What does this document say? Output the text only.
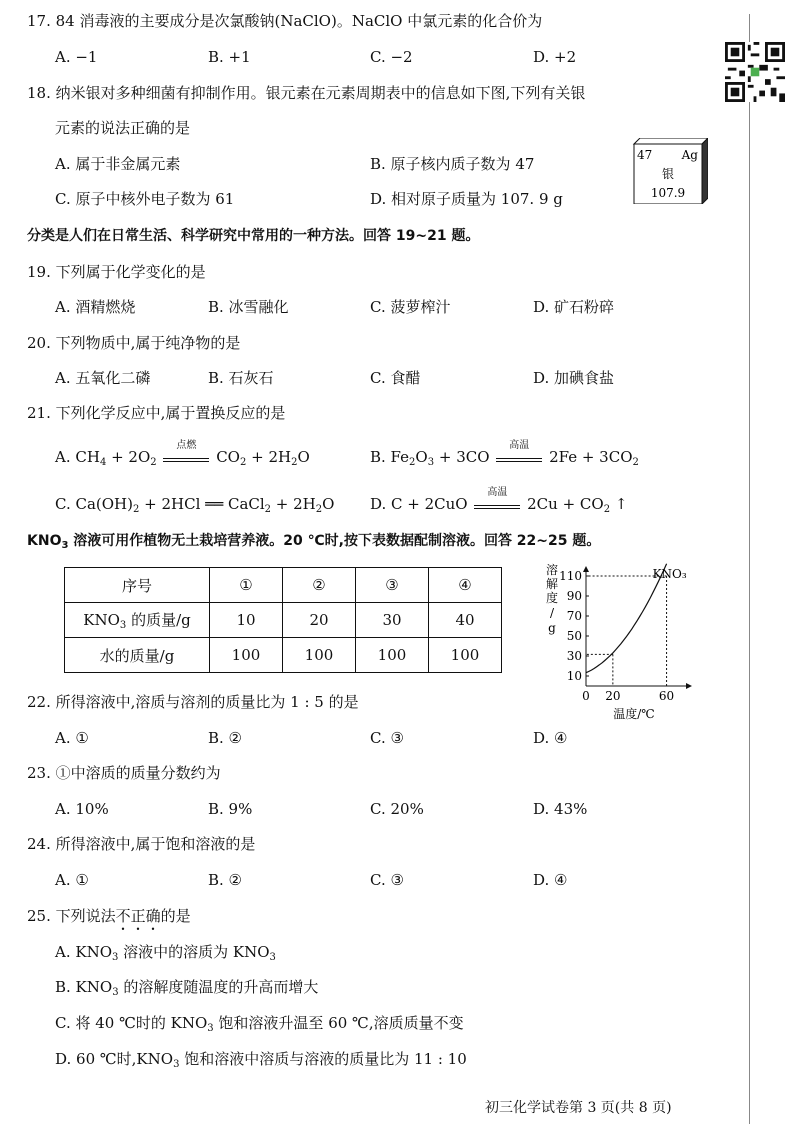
17. 84 消毒液的主要成分是次氯酸钠(NaClO)。NaClO 中氯元素的化合价为
A. −1	B. +1	C. −2	D. +2
18. 纳米银对多种细菌有抑制作用。银元素在元素周期表中的信息如下图,下列有关银
元素的说法正确的是
A. 属于非金属元素	B. 原子核内质子数为 47
C. 原子中核外电子数为 61	D. 相对原子质量为 107. 9 g
47 Ag
银
107.9
分类是人们在日常生活、科学研究中常用的一种方法。回答 19~21 题。
19. 下列属于化学变化的是
A. 酒精燃烧	B. 冰雪融化	C. 菠萝榨汁	D. 矿石粉碎
20. 下列物质中,属于纯净物的是
A. 五氧化二磷	B. 石灰石	C. 食醋	D. 加碘食盐
21. 下列化学反应中,属于置换反应的是
A. $CH_4 + 2O_2$
点燃
$CO_2 + 2H_2O$	B. $Fe_2O_3 + 3CO$
高温
$2Fe + 3CO_2$
C. $Ca(OH)_2 + 2HCl$ ══ CaCl$_2$ + $2H_2O$ D. C + 2CuO
高温
$2Cu + CO_2$ ↑
$KNO_3$ 溶液可用作植物无土栽培营养液。20 ℃时,按下表数据配制溶液。回答 22~25 题。
序号	①	②	③	④
$KNO_3$ 的质量/g	10	20	30	40
水的质量/g	100	100	100	100
10
30
50
70
90
110
0 20	60
溶
解
度
/
g
温度/℃
KNO₃
22. 所得溶液中,溶质与溶剂的质量比为 1 : 5 的是
A. ①	B. ②	C. ③	D. ④
23. ①中溶质的质量分数约为
A. 10%	B. 9%	C. 20%	D. 43%
24. 所得溶液中,属于饱和溶液的是
A. ①	B. ②	C. ③	D. ④
25. 下列说法不正确的是
A. $KNO_3$ 溶液中的溶质为 $KNO_3$
B. $KNO_3$ 的溶解度随温度的升高而增大
C. 将 40 ℃时的 $KNO_3$ 饱和溶液升温至 60 ℃,溶质质量不变
D. 60 ℃时$,KNO_3$ 饱和溶液中溶质与溶液的质量比为 11 : 10
初三化学试卷第 3 页(共 8 页)
